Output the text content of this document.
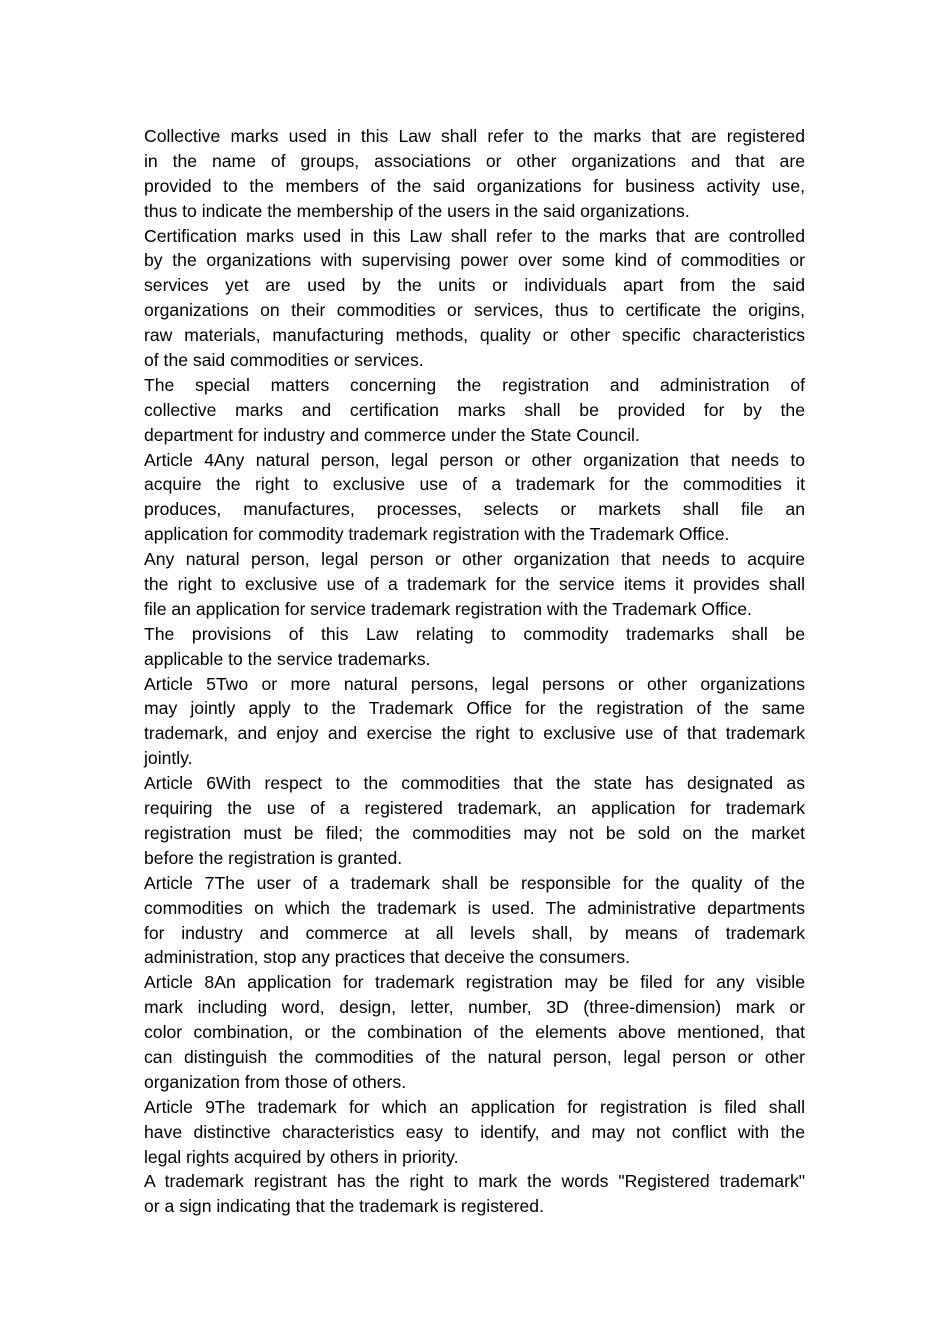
Collective marks used in this Law shall refer to the marks that are registered
in the name of groups, associations or other organizations and that are
provided to the members of the said organizations for business activity use,
thus to indicate the membership of the users in the said organizations.
Certification marks used in this Law shall refer to the marks that are controlled
by the organizations with supervising power over some kind of commodities or
services yet are used by the units or individuals apart from the said
organizations on their commodities or services, thus to certificate the origins,
raw materials, manufacturing methods, quality or other specific characteristics
of the said commodities or services.
The special matters concerning the registration and administration of
collective marks and certification marks shall be provided for by the
department for industry and commerce under the State Council.
Article 4Any natural person, legal person or other organization that needs to
acquire the right to exclusive use of a trademark for the commodities it
produces, manufactures, processes, selects or markets shall file an
application for commodity trademark registration with the Trademark Office.
Any natural person, legal person or other organization that needs to acquire
the right to exclusive use of a trademark for the service items it provides shall
file an application for service trademark registration with the Trademark Office.
The provisions of this Law relating to commodity trademarks shall be
applicable to the service trademarks.
Article 5Two or more natural persons, legal persons or other organizations
may jointly apply to the Trademark Office for the registration of the same
trademark, and enjoy and exercise the right to exclusive use of that trademark
jointly.
Article 6With respect to the commodities that the state has designated as
requiring the use of a registered trademark, an application for trademark
registration must be filed; the commodities may not be sold on the market
before the registration is granted.
Article 7The user of a trademark shall be responsible for the quality of the
commodities on which the trademark is used. The administrative departments
for industry and commerce at all levels shall, by means of trademark
administration, stop any practices that deceive the consumers.
Article 8An application for trademark registration may be filed for any visible
mark including word, design, letter, number, 3D (three-dimension) mark or
color combination, or the combination of the elements above mentioned, that
can distinguish the commodities of the natural person, legal person or other
organization from those of others.
Article 9The trademark for which an application for registration is filed shall
have distinctive characteristics easy to identify, and may not conflict with the
legal rights acquired by others in priority.
A trademark registrant has the right to mark the words "Registered trademark"
or a sign indicating that the trademark is registered.
